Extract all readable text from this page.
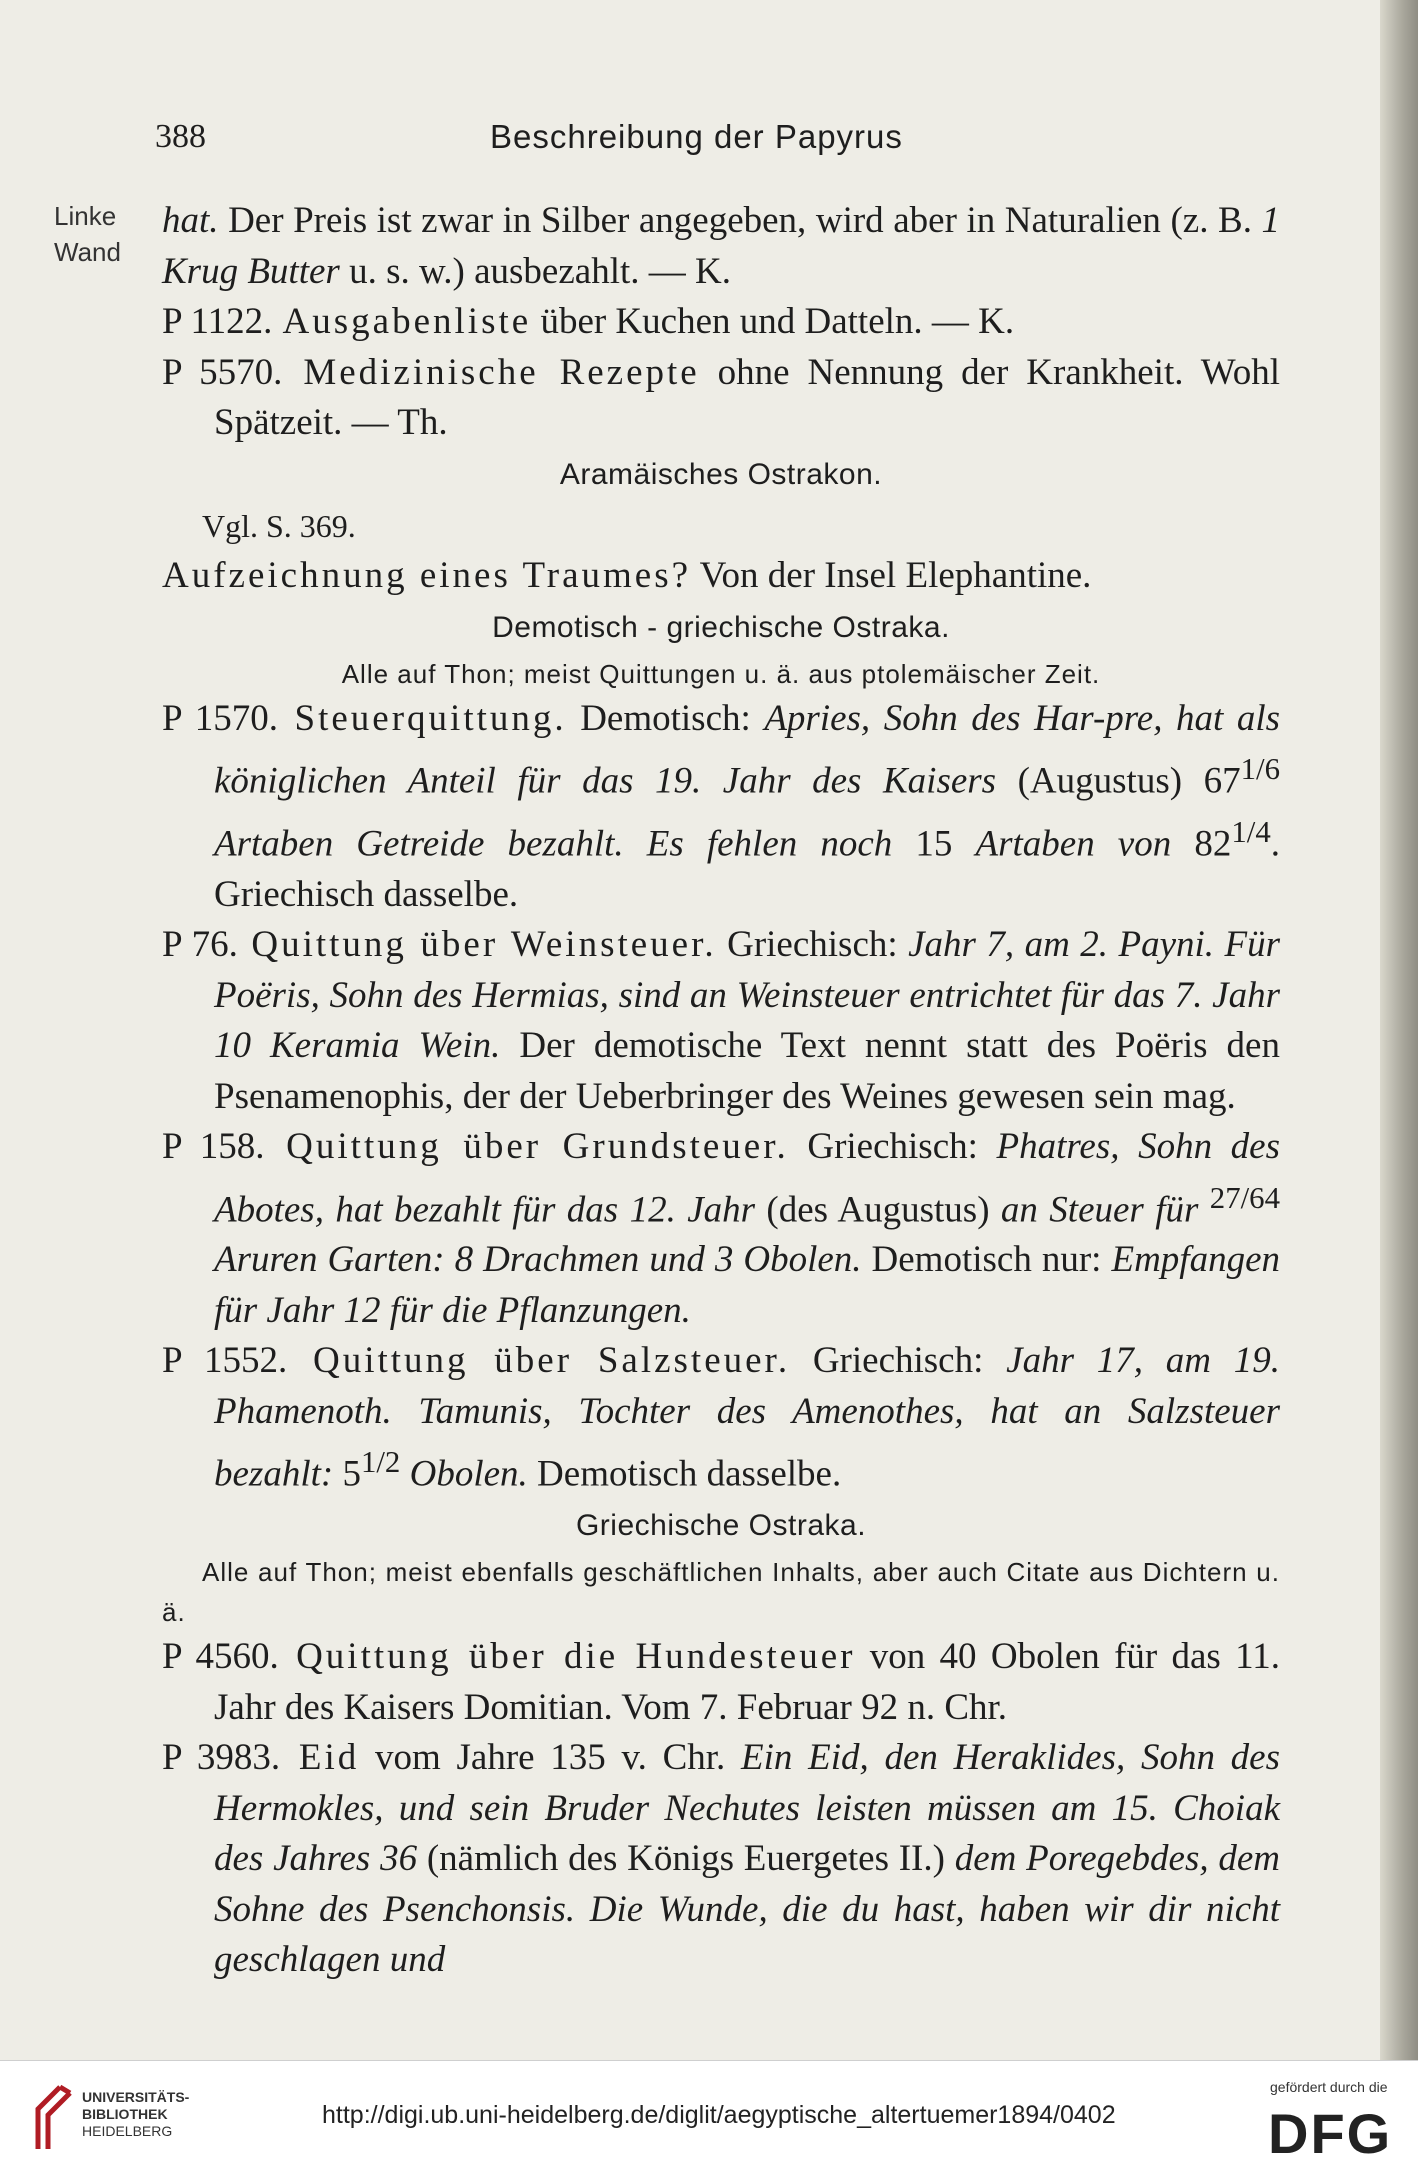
388	Beschreibung der Papyrus
Linke
Wand

hat. Der Preis ist zwar in Silber angegeben, wird aber in Naturalien (z. B. 1 Krug Butter u. s. w.) ausbezahlt. — K.

P 1122. Ausgabenliste über Kuchen und Datteln. — K.

P 5570. Medizinische Rezepte ohne Nennung der Krankheit. Wohl Spätzeit. — Th.

Aramäisches Ostrakon.

Vgl. S. 369.

Aufzeichnung eines Traumes? Von der Insel Elephantine.

Demotisch - griechische Ostraka.

Alle auf Thon; meist Quittungen u. ä. aus ptolemäischer Zeit.

P 1570. Steuerquittung. Demotisch: Apries, Sohn des Har-pre, hat als königlichen Anteil für das 19. Jahr des Kaisers (Augustus) $67^{1/6}$ Artaben Getreide bezahlt. Es fehlen noch 15 Artaben von $82^{1/4}$. Griechisch dasselbe.

P 76. Quittung über Weinsteuer. Griechisch: Jahr 7, am 2. Payni. Für Poëris, Sohn des Hermias, sind an Weinsteuer entrichtet für das 7. Jahr 10 Keramia Wein. Der demotische Text nennt statt des Poëris den Psenamenophis, der der Ueberbringer des Weines gewesen sein mag.

P 158. Quittung über Grundsteuer. Griechisch: Phatres, Sohn des Abotes, hat bezahlt für das 12. Jahr (des Augustus) an Steuer für $^{27/64}$ Aruren Garten: 8 Drachmen und 3 Obolen. Demotisch nur: Empfangen für Jahr 12 für die Pflanzungen.

P 1552. Quittung über Salzsteuer. Griechisch: Jahr 17, am 19. Phamenoth. Tamunis, Tochter des Amenothes, hat an Salzsteuer bezahlt: $5^{1/2}$ Obolen. Demotisch dasselbe.

Griechische Ostraka.

Alle auf Thon; meist ebenfalls geschäftlichen Inhalts, aber auch Citate aus Dichtern u. ä.

P 4560. Quittung über die Hundesteuer von 40 Obolen für das 11. Jahr des Kaisers Domitian. Vom 7. Februar 92 n. Chr.

P 3983. Eid vom Jahre 135 v. Chr. Ein Eid, den Heraklides, Sohn des Hermokles, und sein Bruder Nechutes leisten müssen am 15. Choiak des Jahres 36 (nämlich des Königs Euergetes II.) dem Poregebdes, dem Sohne des Psenchonsis. Die Wunde, die du hast, haben wir dir nicht geschlagen und

UNIVERSITÄTS-
BIBLIOTHEK
HEIDELBERG
http://digi.ub.uni-heidelberg.de/diglit/aegyptische_altertuemer1894/0402
gefördert durch die
DFG
